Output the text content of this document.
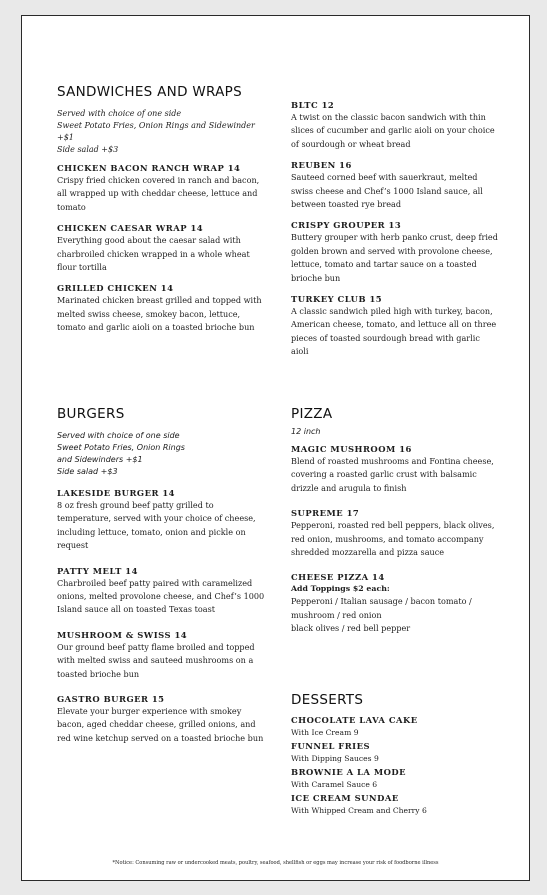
SANDWICHES AND WRAPS
Served with choice of one side
Sweet Potato Fries, Onion Rings and Sidewinder
+$1
Side salad +$3
CHICKEN BACON RANCH WRAP 14
Crispy fried chicken covered in ranch and bacon, all wrapped up with cheddar cheese, lettuce and tomato
CHICKEN CAESAR WRAP 14
Everything good about the caesar salad with charbroiled chicken wrapped in a whole wheat flour tortilla
GRILLED CHICKEN 14
Marinated chicken breast grilled and topped with melted swiss cheese, smokey bacon, lettuce, tomato and garlic aioli on a toasted brioche bun
BLTC 12
A twist on the classic bacon sandwich with thin slices of cucumber and garlic aioli on your choice of sourdough or wheat bread
REUBEN 16
Sauteed corned beef with sauerkraut, melted swiss cheese and Chef’s 1000 Island sauce, all between toasted rye bread
CRISPY GROUPER 13
Buttery grouper with herb panko crust, deep fried golden brown and served with provolone cheese, lettuce, tomato and tartar sauce on a toasted brioche bun
TURKEY CLUB 15
A classic sandwich piled high with turkey, bacon, American cheese, tomato, and lettuce all on three pieces of toasted sourdough bread with garlic aioli
BURGERS
Served with choice of one side
Sweet Potato Fries, Onion Rings
and Sidewinders +$1
Side salad +$3
LAKESIDE BURGER 14
8 oz fresh ground beef patty grilled to temperature, served with your choice of cheese, including lettuce, tomato, onion and pickle on request
PATTY MELT 14
Charbroiled beef patty paired with caramelized onions, melted provolone cheese, and Chef’s 1000 Island sauce all on toasted Texas toast
MUSHROOM & SWISS 14
Our ground beef patty flame broiled and topped with melted swiss and sauteed mushrooms on a toasted brioche bun
GASTRO BURGER 15
Elevate your burger experience with smokey bacon, aged cheddar cheese, grilled onions, and red wine ketchup served on a toasted brioche bun
PIZZA
12 inch
MAGIC MUSHROOM 16
Blend of roasted mushrooms and Fontina cheese, covering a roasted garlic crust with balsamic drizzle and arugula to finish
SUPREME 17
Pepperoni, roasted red bell peppers, black olives, red onion, mushrooms, and tomato accompany shredded mozzarella and pizza sauce
CHEESE PIZZA 14
Add Toppings $2 each:
Pepperoni / Italian sausage / bacon tomato / mushroom / red onion
black olives / red bell pepper
DESSERTS
CHOCOLATE LAVA CAKE
With Ice Cream 9
FUNNEL FRIES
With Dipping Sauces 9
BROWNIE A LA MODE
With Caramel Sauce 6
ICE CREAM SUNDAE
With Whipped Cream and Cherry 6
*Notice: Consuming raw or undercooked meats, poultry, seafood, shellfish or eggs may increase your risk of foodborne illness
